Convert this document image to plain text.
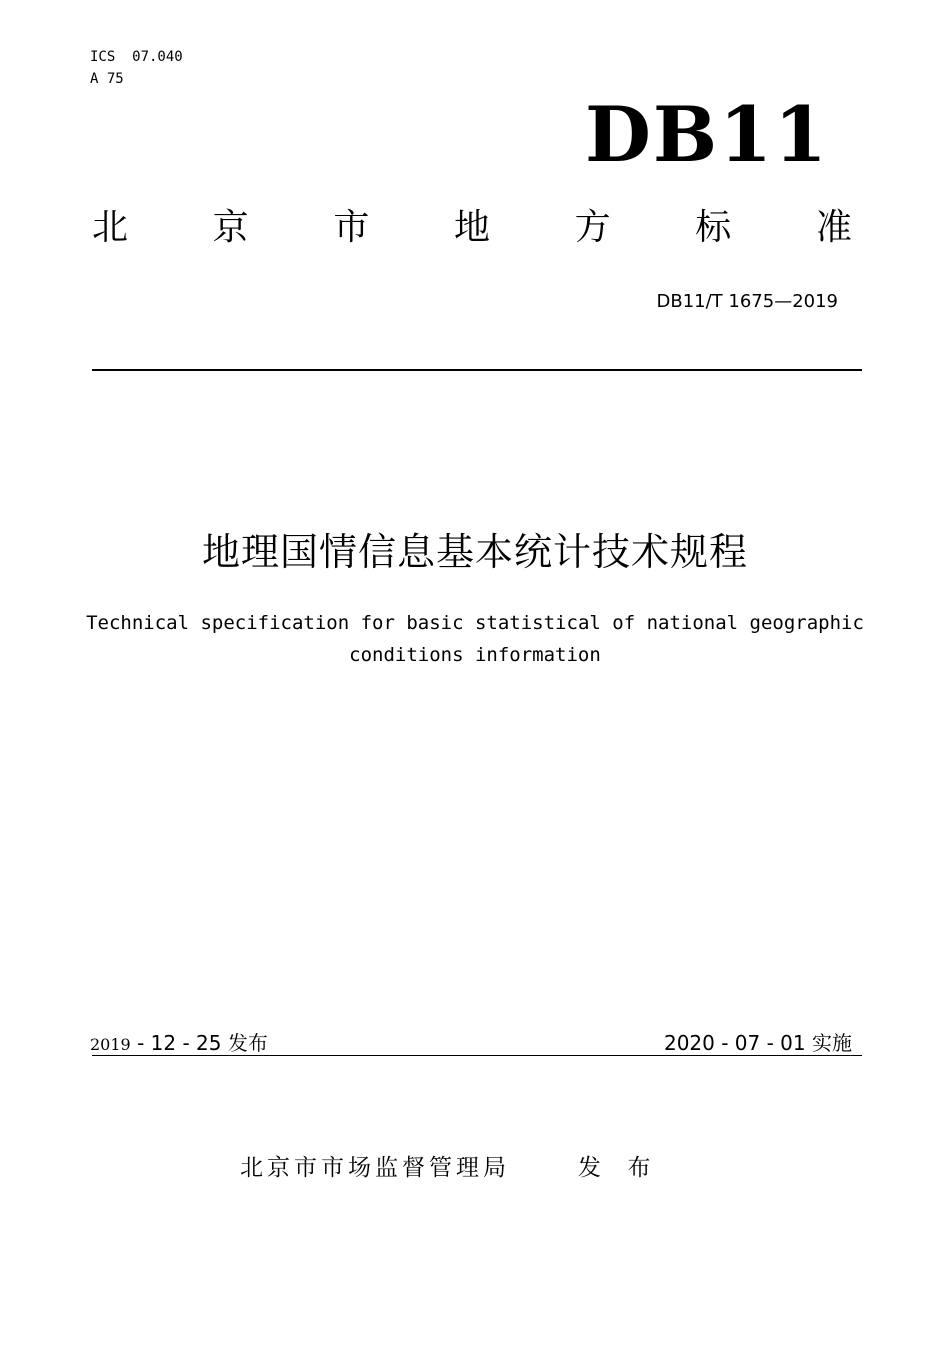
ICS  07.040
A 75
DB11
北 京 市 地 方 标 准
DB11/T 1675—2019
地理国情信息基本统计技术规程
Technical specification for basic statistical of national geographic
conditions information
2019 - 12 - 25 发布	2020 - 07 - 01 实施
北京市市场监督管理局	发  布
